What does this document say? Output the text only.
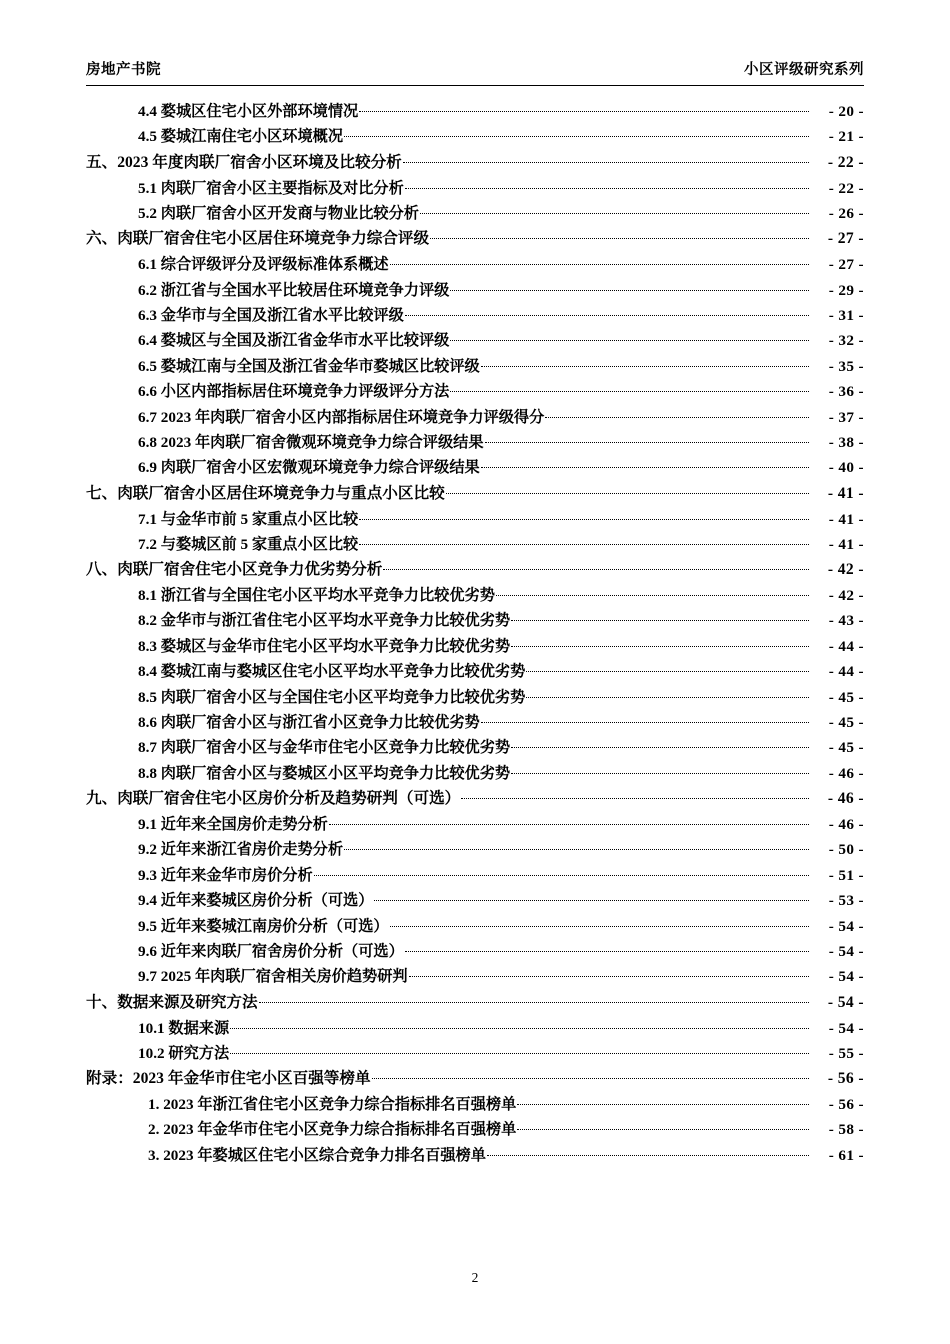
房地产书院	小区评级研究系列
4.4 婺城区住宅小区外部环境情况	- 20 -
4.5 婺城江南住宅小区环境概况	- 21 -
五、2023 年度肉联厂宿舍小区环境及比较分析	- 22 -
5.1 肉联厂宿舍小区主要指标及对比分析	- 22 -
5.2 肉联厂宿舍小区开发商与物业比较分析	- 26 -
六、肉联厂宿舍住宅小区居住环境竞争力综合评级	- 27 -
6.1 综合评级评分及评级标准体系概述	- 27 -
6.2 浙江省与全国水平比较居住环境竞争力评级	- 29 -
6.3 金华市与全国及浙江省水平比较评级	- 31 -
6.4 婺城区与全国及浙江省金华市水平比较评级	- 32 -
6.5 婺城江南与全国及浙江省金华市婺城区比较评级	- 35 -
6.6 小区内部指标居住环境竞争力评级评分方法	- 36 -
6.7 2023 年肉联厂宿舍小区内部指标居住环境竞争力评级得分	- 37 -
6.8 2023 年肉联厂宿舍微观环境竞争力综合评级结果	- 38 -
6.9 肉联厂宿舍小区宏微观环境竞争力综合评级结果	- 40 -
七、肉联厂宿舍小区居住环境竞争力与重点小区比较	- 41 -
7.1 与金华市前 5 家重点小区比较	- 41 -
7.2 与婺城区前 5 家重点小区比较	- 41 -
八、肉联厂宿舍住宅小区竞争力优劣势分析	- 42 -
8.1 浙江省与全国住宅小区平均水平竞争力比较优劣势	- 42 -
8.2 金华市与浙江省住宅小区平均水平竞争力比较优劣势	- 43 -
8.3 婺城区与金华市住宅小区平均水平竞争力比较优劣势	- 44 -
8.4 婺城江南与婺城区住宅小区平均水平竞争力比较优劣势	- 44 -
8.5 肉联厂宿舍小区与全国住宅小区平均竞争力比较优劣势	- 45 -
8.6 肉联厂宿舍小区与浙江省小区竞争力比较优劣势	- 45 -
8.7 肉联厂宿舍小区与金华市住宅小区竞争力比较优劣势	- 45 -
8.8 肉联厂宿舍小区与婺城区小区平均竞争力比较优劣势	- 46 -
九、肉联厂宿舍住宅小区房价分析及趋势研判（可选）	- 46 -
9.1 近年来全国房价走势分析	- 46 -
9.2 近年来浙江省房价走势分析	- 50 -
9.3 近年来金华市房价分析	- 51 -
9.4 近年来婺城区房价分析（可选）	- 53 -
9.5 近年来婺城江南房价分析（可选）	- 54 -
9.6 近年来肉联厂宿舍房价分析（可选）	- 54 -
9.7 2025 年肉联厂宿舍相关房价趋势研判	- 54 -
十、数据来源及研究方法	- 54 -
10.1 数据来源	- 54 -
10.2 研究方法	- 55 -
附录：2023 年金华市住宅小区百强等榜单	- 56 -
1. 2023 年浙江省住宅小区竞争力综合指标排名百强榜单	- 56 -
2. 2023 年金华市住宅小区竞争力综合指标排名百强榜单	- 58 -
3. 2023 年婺城区住宅小区综合竞争力排名百强榜单	- 61 -
2
